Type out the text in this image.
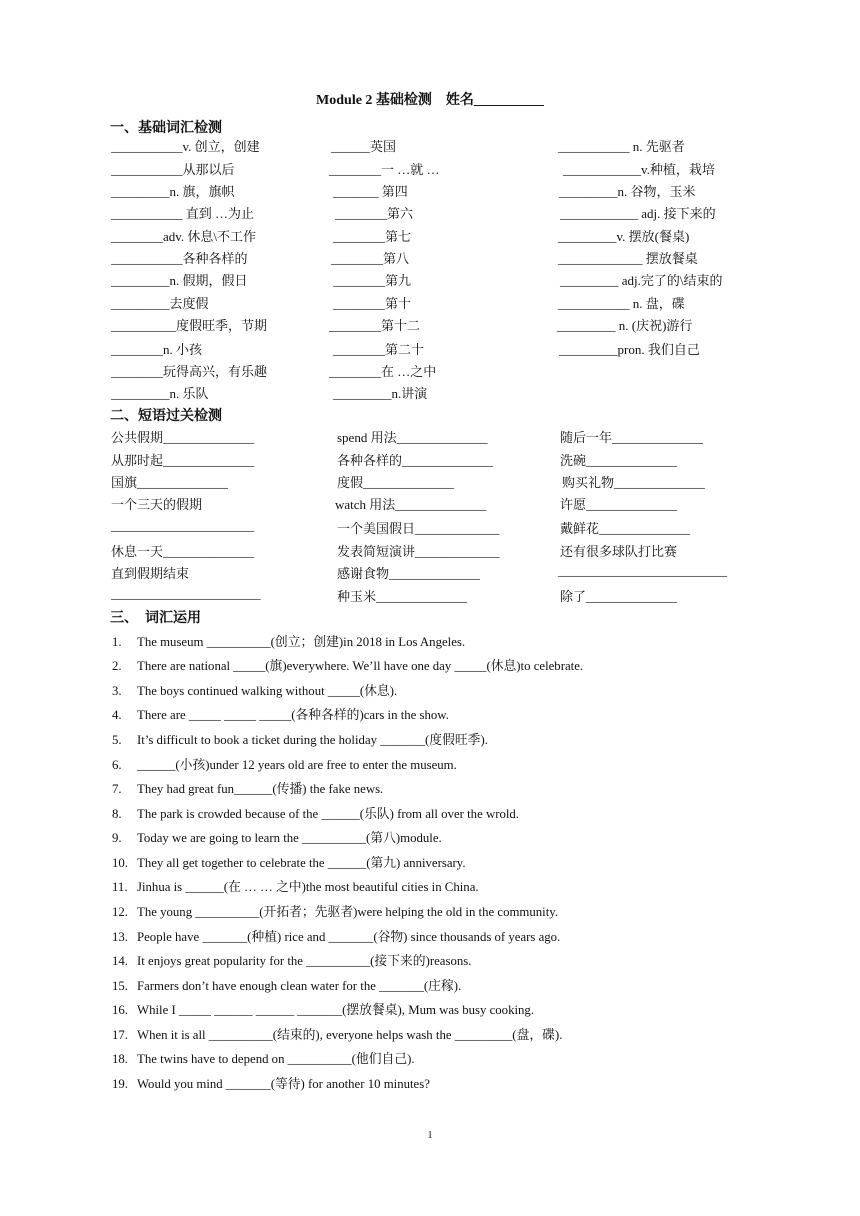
Module 2 基础检测　姓名__________
一、基础词汇检测
___________v. 创立，创建
___________从那以后
_________n. 旗，旗帜
___________ 直到 …为止
________adv. 休息\不工作
___________各种各样的
_________n. 假期，假日
_________去度假
__________度假旺季，节期
________n. 小孩
________玩得高兴，有乐趣
_________n. 乐队
______英国
________一 …就 …
_______ 第四
________第六
________第七
________第八
________第九
________第十
________第十二
________第二十
________在 …之中
_________n.讲演
___________ n. 先驱者
____________v.种植，栽培
_________n. 谷物，玉米
____________ adj. 接下来的
_________v. 摆放(餐桌)
_____________ 摆放餐桌
_________ adj.完了的\结束的
___________ n. 盘，碟
_________ n. (庆祝)游行
_________pron. 我们自己
二、短语过关检测
公共假期______________
从那时起______________
国旗______________
一个三天的假期
______________________
休息一天______________
直到假期结束
_______________________
spend 用法______________
各种各样的______________
度假______________
watch 用法______________
一个美国假日_____________
发表简短演讲_____________
感谢食物______________
种玉米______________
随后一年______________
洗碗______________
购买礼物______________
许愿______________
戴鲜花______________
还有很多球队打比赛
__________________________
除了______________
三、　词汇运用
1. The museum __________(创立；创建)in 2018 in Los Angeles.
2. There are national _____(旗)everywhere. We’ll have one day _____(休息)to celebrate.
3. The boys continued walking without _____(休息).
4. There are _____ _____ _____(各种各样的)cars in the show.
5. It’s difficult to book a ticket during the holiday _______(度假旺季).
6. ______(小孩)under 12 years old are free to enter the museum.
7. They had great fun______(传播) the fake news.
8. The park is crowded because of the ______(乐队) from all over the wrold.
9. Today we are going to learn the __________(第八)module.
10. They all get together to celebrate the ______(第九) anniversary.
11. Jinhua is ______(在 … … 之中)the most beautiful cities in China.
12. The young __________(开拓者；先驱者)were helping the old in the community.
13. People have _______(种植) rice and _______(谷物) since thousands of years ago.
14. It enjoys great popularity for the __________(接下来的)reasons.
15. Farmers don’t have enough clean water for the _______(庄稼).
16. While I _____ ______ ______ _______(摆放餐桌), Mum was busy cooking.
17. When it is all __________(结束的), everyone helps wash the _________(盘，碟).
18. The twins have to depend on __________(他们自己).
19. Would you mind _______(等待) for another 10 minutes?
1
